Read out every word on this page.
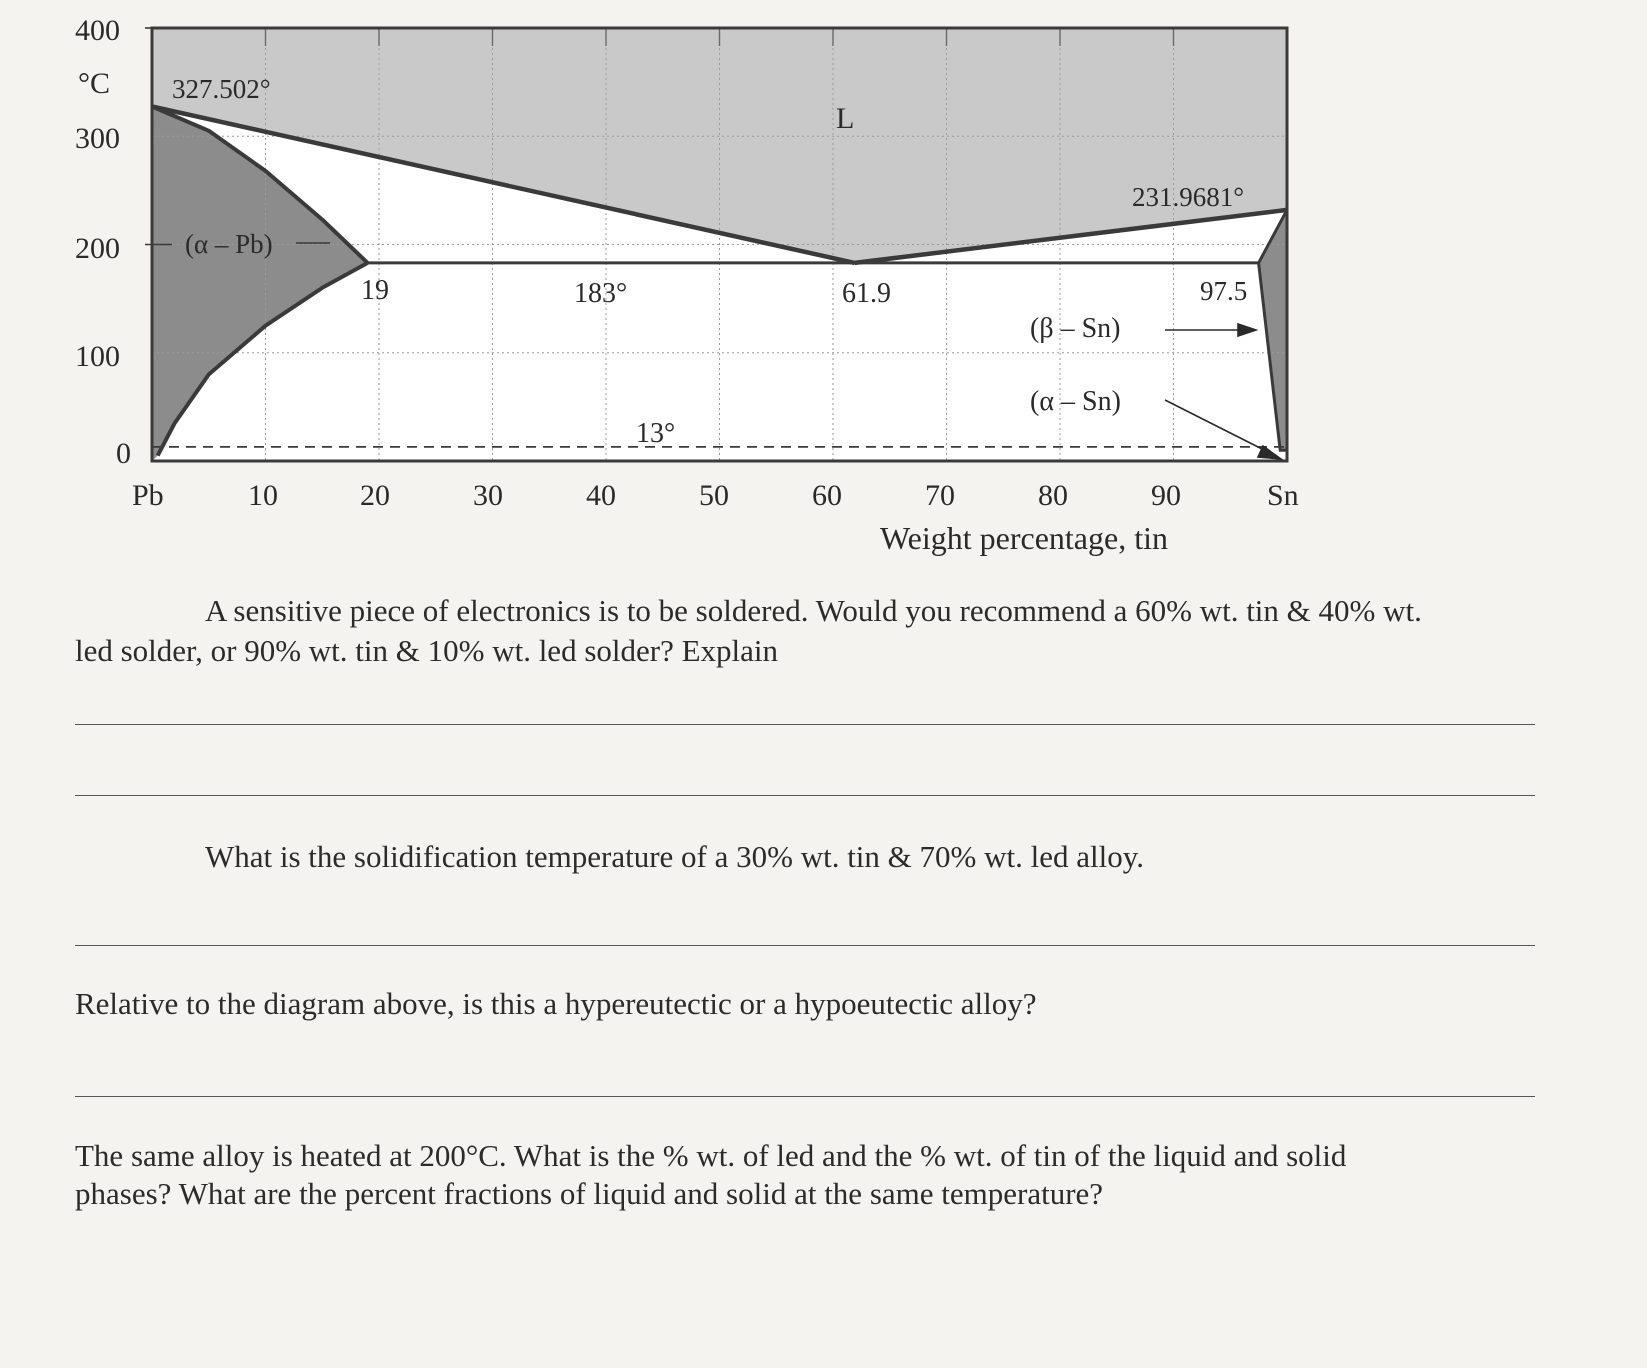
°C
400
300
200
100
0
Pb	Sn
10	20	30	40	50	60	70	80	90
Weight percentage, tin
327.502°
L
231.9681°
(α – Pb)
19	183°	61.9	97.5
(β – Sn)
(α – Sn)
13°
A sensitive piece of electronics is to be soldered. Would you recommend a 60% wt. tin & 40% wt.
led solder, or 90% wt. tin & 10% wt. led solder? Explain
What is the solidification temperature of a 30% wt. tin & 70% wt. led alloy.
Relative to the diagram above, is this a hypereutectic or a hypoeutectic alloy?
The same alloy is heated at 200°C. What is the % wt. of led and the % wt. of tin of the liquid and solid
phases? What are the percent fractions of liquid and solid at the same temperature?
